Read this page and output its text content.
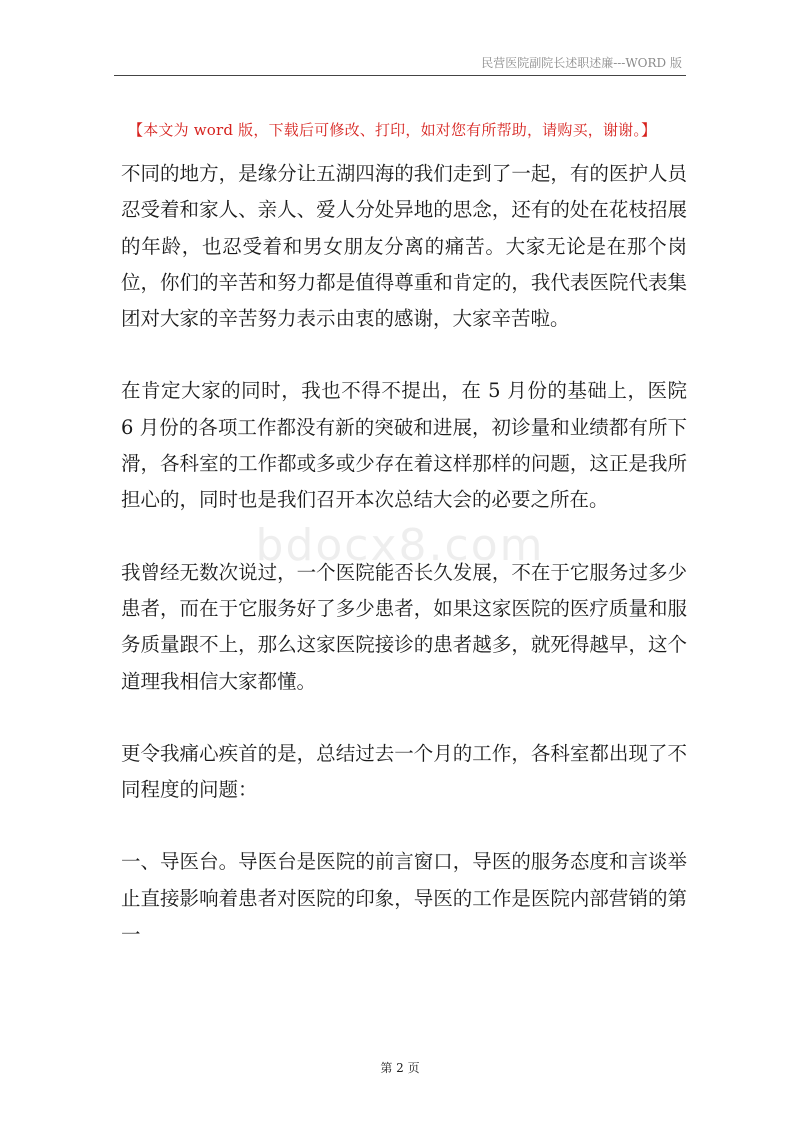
民营医院副院长述职述廉---WORD 版
【本文为 word 版，下载后可修改、打印，如对您有所帮助，请购买，谢谢。】

不同的地方，是缘分让五湖四海的我们走到了一起，有的医护人员忍受着和家人、亲人、爱人分处异地的思念，还有的处在花枝招展的年龄，也忍受着和男女朋友分离的痛苦。大家无论是在那个岗位，你们的辛苦和努力都是值得尊重和肯定的，我代表医院代表集团对大家的辛苦努力表示由衷的感谢，大家辛苦啦。

在肯定大家的同时，我也不得不提出，在 5 月份的基础上，医院 6 月份的各项工作都没有新的突破和进展，初诊量和业绩都有所下滑，各科室的工作都或多或少存在着这样那样的问题，这正是我所担心的，同时也是我们召开本次总结大会的必要之所在。

我曾经无数次说过，一个医院能否长久发展，不在于它服务过多少患者，而在于它服务好了多少患者，如果这家医院的医疗质量和服务质量跟不上，那么这家医院接诊的患者越多，就死得越早，这个道理我相信大家都懂。

更令我痛心疾首的是，总结过去一个月的工作，各科室都出现了不同程度的问题：

一、导医台。导医台是医院的前言窗口，导医的服务态度和言谈举止直接影响着患者对医院的印象，导医的工作是医院内部营销的第一

bdocx8.com
第 2 页
